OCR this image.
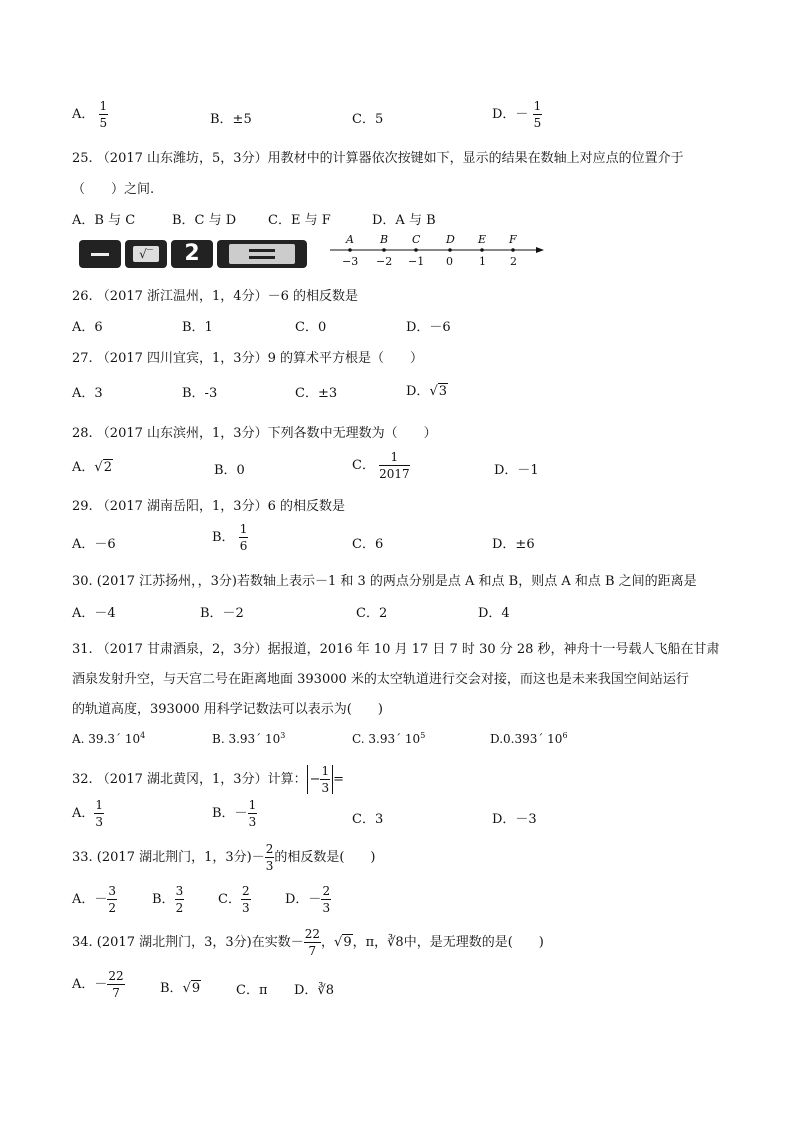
A． $\frac{1}{5}$	B．±5	C．5	D．－ $\frac{1}{5}$
25. （2017 山东潍坊，5，3分）用教材中的计算器依次按键如下，显示的结果在数轴上对应点的位置介于
（　　）之间.
A．B 与 C	B．C 与 D C．E 与 F	D．A 与 B
√‾	2
A B C D E F
−3 −2 −1 0 1 2
26. （2017 浙江温州，1，4分）－6 的相反数是
A．6	B．1	C．0	D．－6
27. （2017 四川宜宾，1，3分）9 的算术平方根是（　　）
A．3	B．-3	C．±3	D．√3
28. （2017 山东滨州，1，3分）下列各数中无理数为（　　）
A．√2	B．0	C． $\frac{1}{2017}$	D．－1
29. （2017 湖南岳阳，1，3分）6 的相反数是
A．－6	B． $\frac{1}{6}$	C．6	D．±6
30. (2017 江苏扬州，，3分)若数轴上表示－1 和 3 的两点分别是点 A 和点 B，则点 A 和点 B 之间的距离是
A．－4	B．－2	C．2	D．4
31. （2017 甘肃酒泉，2，3分）据报道，2016 年 10 月 17 日 7 时 30 分 28 秒，神舟十一号载人飞船在甘肃
酒泉发射升空，与天宫二号在距离地面 393000 米的太空轨道进行交会对接，而这也是未来我国空间站运行
的轨道高度，393000 用科学记数法可以表示为(　　)
A. 39.3´ $10^4$	B. 3.93´ $10^3$	C. 3.93´ $10^5$	D.0.393´ $10^6$
32. （2017 湖北黄冈，1，3分）计算： − $\frac{1}{3}$ =
A． $\frac{1}{3}$	B．－ $\frac{1}{3}$	C．3	D．－3
33. (2017 湖北荆门，1，3分)－ $\frac{2}{3}$ 的相反数是(　　)
A．－ $\frac{3}{2}$	B． $\frac{3}{2}$	C． $\frac{2}{3}$	D．－ $\frac{2}{3}$
34. (2017 湖北荆门，3，3分)在实数－ $\frac{22}{7}$ ，√9，π，∛8中，是无理数的是(　　)
A．－ $\frac{22}{7}$	B．√9	C．π D．∛8
